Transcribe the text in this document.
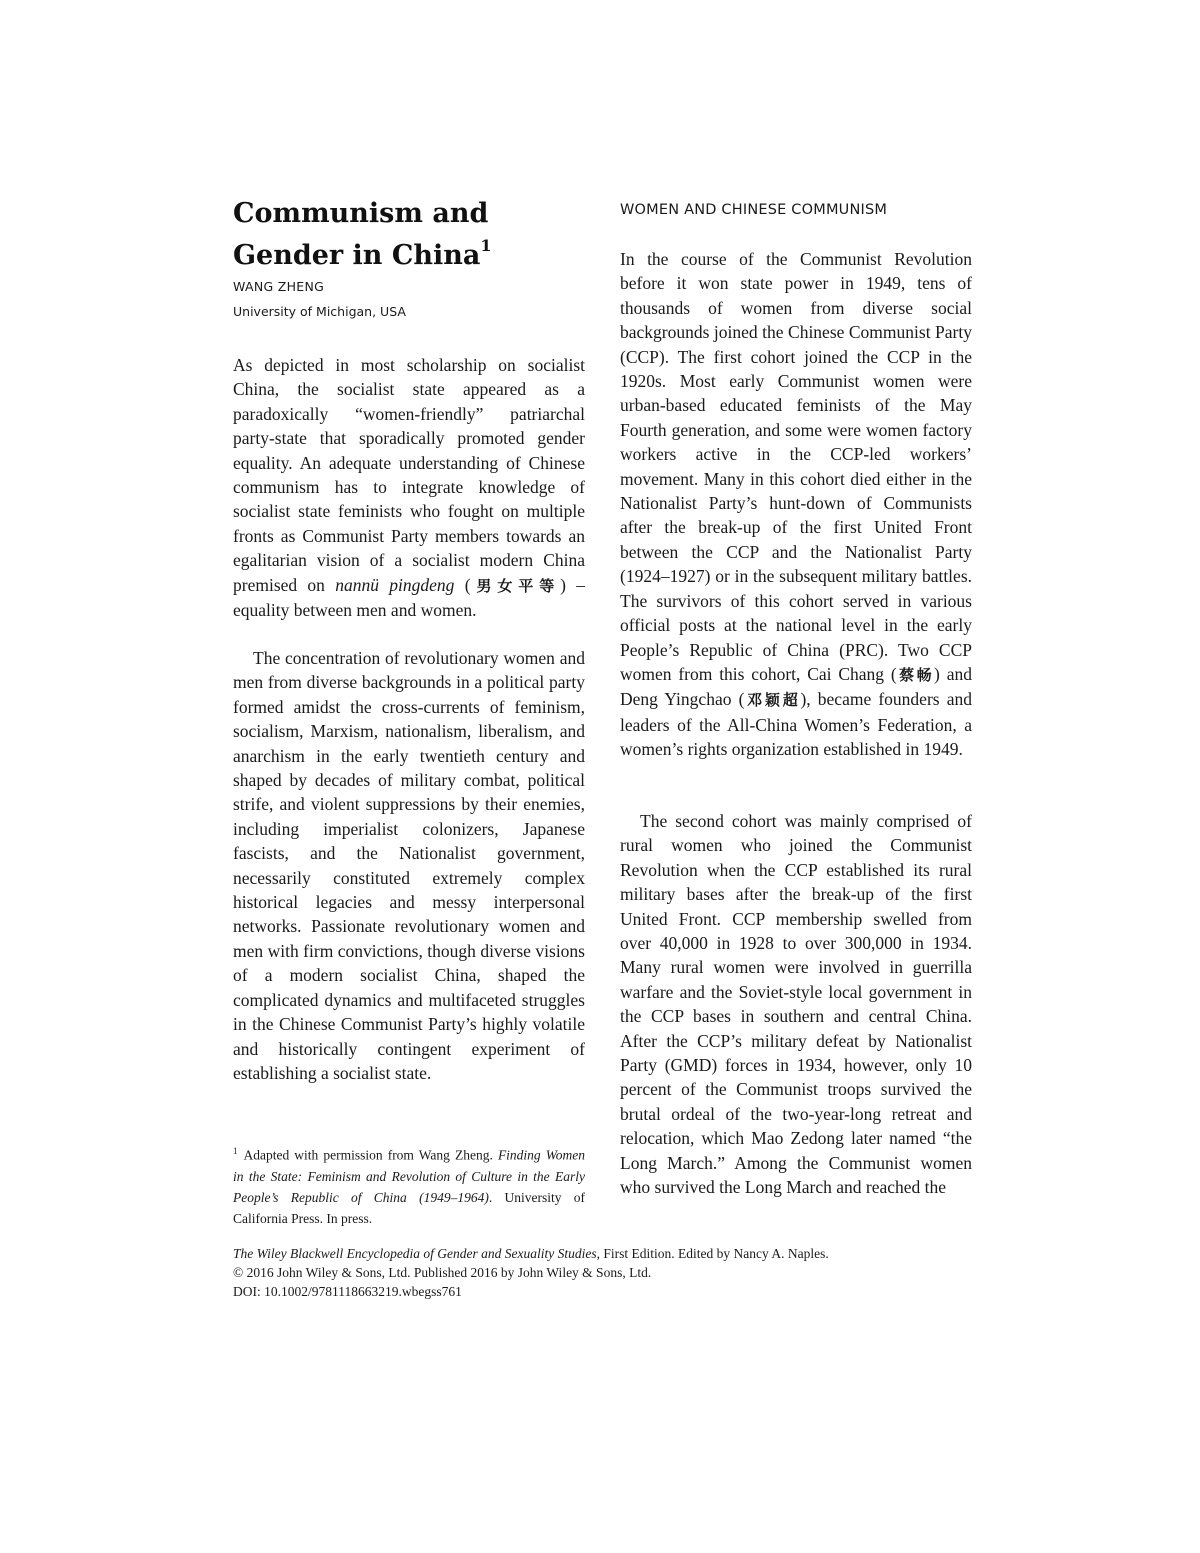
Communism and
Gender in China$^1$
WANG ZHENG
University of Michigan, USA

As depicted in most scholarship on socialist China, the socialist state appeared as a paradoxically “women-friendly” patriarchal party-state that sporadically promoted gender equality. An adequate understanding of Chinese communism has to integrate knowledge of socialist state feminists who fought on multiple fronts as Communist Party members towards an egalitarian vision of a socialist modern China premised on nannü pingdeng (男女平等) – equality between men and women.

The concentration of revolutionary women and men from diverse backgrounds in a political party formed amidst the cross-currents of feminism, socialism, Marxism, nationalism, liberalism, and anarchism in the early twentieth century and shaped by decades of military combat, political strife, and violent suppressions by their enemies, including imperialist colonizers, Japanese fascists, and the Nationalist government, necessarily constituted extremely complex historical legacies and messy interpersonal networks. Passionate revolutionary women and men with firm convictions, though diverse visions of a modern socialist China, shaped the complicated dynamics and multifaceted struggles in the Chinese Communist Party’s highly volatile and historically contingent experiment of establishing a socialist state.

$^1$ Adapted with permission from Wang Zheng. Finding Women in the State: Feminism and Revolution of Culture in the Early People’s Republic of China (1949–1964). University of California Press. In press.

WOMEN AND CHINESE COMMUNISM

In the course of the Communist Revolution before it won state power in 1949, tens of thousands of women from diverse social backgrounds joined the Chinese Communist Party (CCP). The first cohort joined the CCP in the 1920s. Most early Communist women were urban-based educated feminists of the May Fourth generation, and some were women factory workers active in the CCP-led workers’ movement. Many in this cohort died either in the Nationalist Party’s hunt-down of Communists after the break-up of the first United Front between the CCP and the Nationalist Party (1924–1927) or in the subsequent military battles. The survivors of this cohort served in various official posts at the national level in the early People’s Republic of China (PRC). Two CCP women from this cohort, Cai Chang (蔡畅) and Deng Yingchao (邓颖超), became founders and leaders of the All-China Women’s Federation, a women’s rights organization established in 1949.

The second cohort was mainly comprised of rural women who joined the Communist Revolution when the CCP established its rural military bases after the break-up of the first United Front. CCP membership swelled from over 40,000 in 1928 to over 300,000 in 1934. Many rural women were involved in guerrilla warfare and the Soviet-style local government in the CCP bases in southern and central China. After the CCP’s military defeat by Nationalist Party (GMD) forces in 1934, however, only 10 percent of the Communist troops survived the brutal ordeal of the two-year-long retreat and relocation, which Mao Zedong later named “the Long March.” Among the Communist women who survived the Long March and reached the

The Wiley Blackwell Encyclopedia of Gender and Sexuality Studies, First Edition. Edited by Nancy A. Naples.
© 2016 John Wiley & Sons, Ltd. Published 2016 by John Wiley & Sons, Ltd.
DOI: 10.1002/9781118663219.wbegss761
